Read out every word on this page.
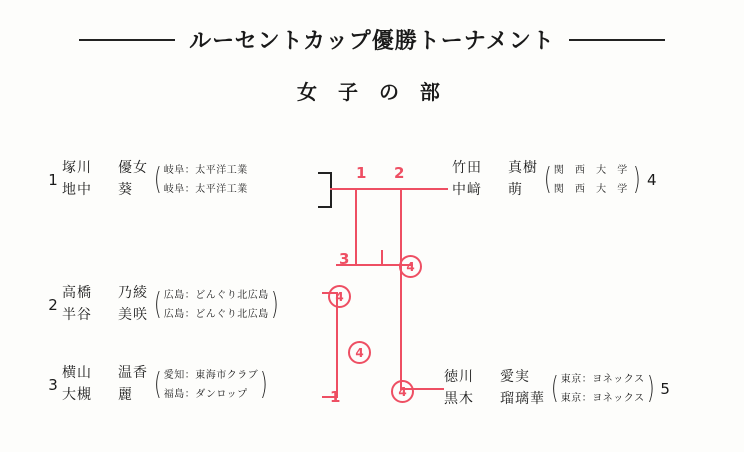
ルーセントカップ優勝トーナメント
女 子 の 部
1
塚川	優女
地中	葵 ( 岐阜：太平洋工業
岐阜：太平洋工業
2
高橋	乃綾
半谷	美咲 ( 広島：どんぐり北広島
広島：どんぐり北広島 )
3
横山	温香
大槻	麗 ( 愛知：東海市クラブ
福島：ダンロップ )
竹田	真樹
中﨑	萌 ( 関 西 大 学
関 西 大 学 ) 4
徳川	愛実
黒木	瑠璃華 ( 東京：ヨネックス
東京：ヨネックス ) 5
1 2
3
1
4
4
4
4
